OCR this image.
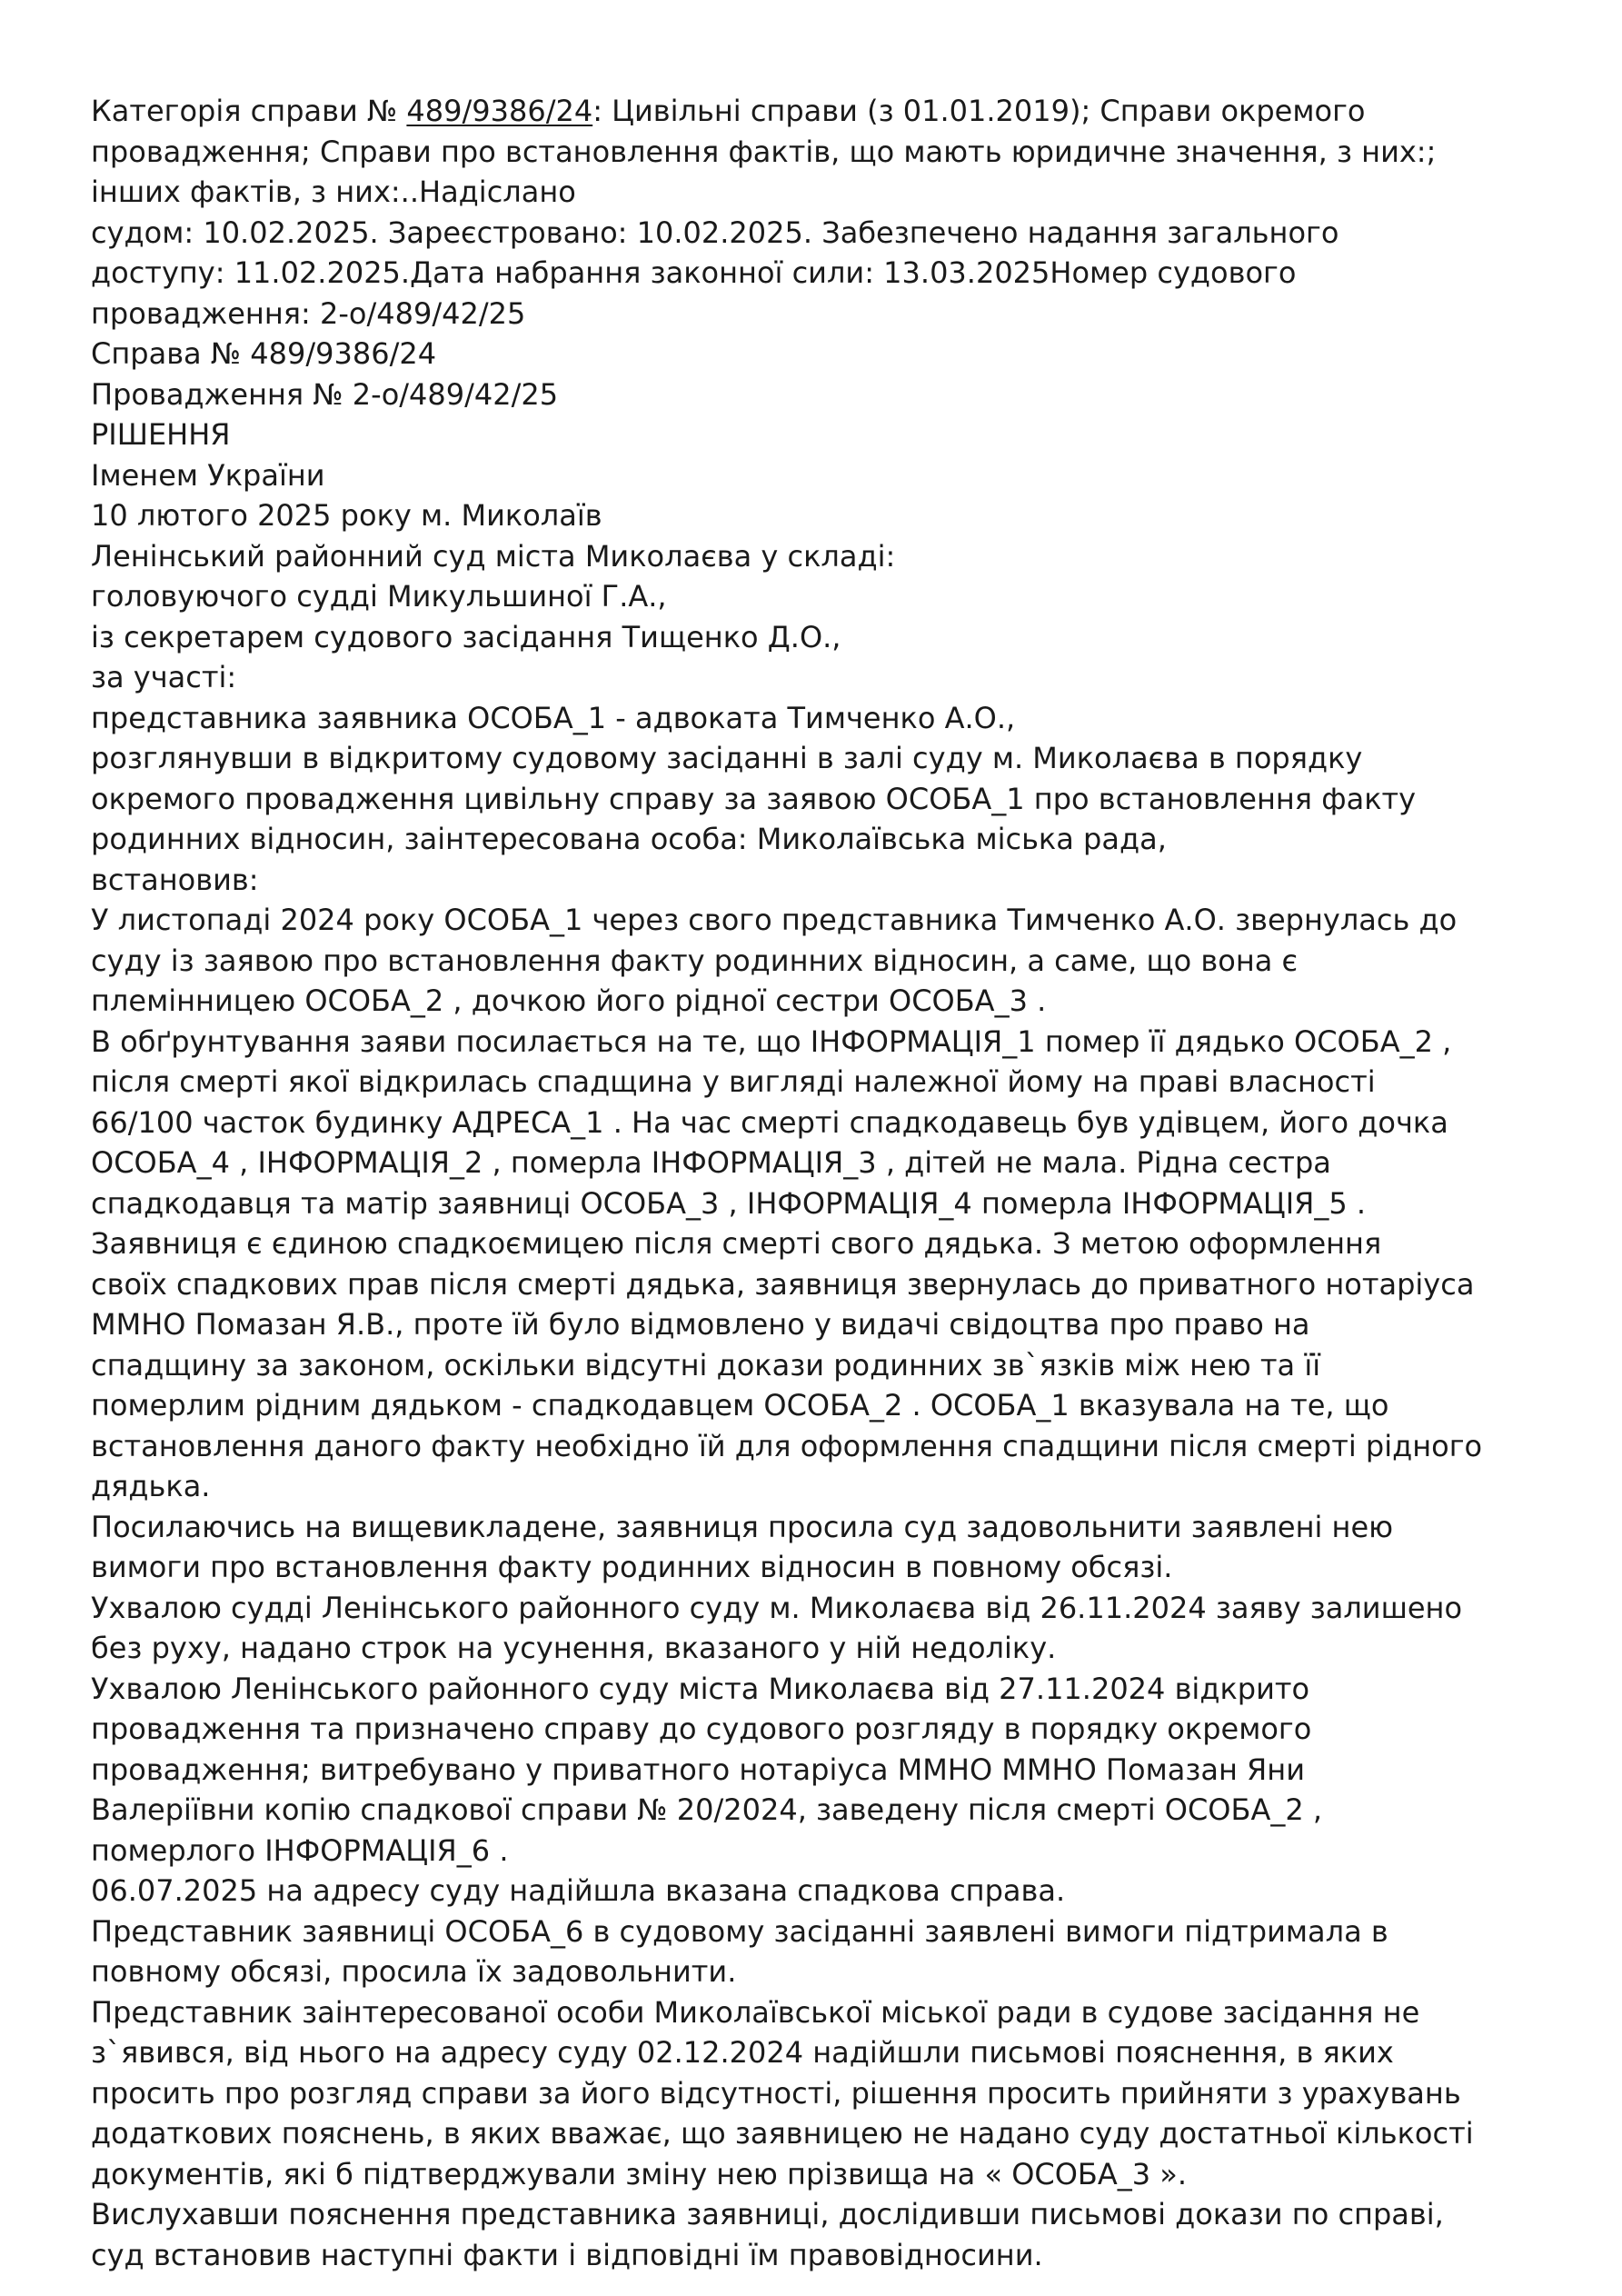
Категорія справи № 489/9386/24: Цивільні справи (з 01.01.2019); Справи окремого
провадження; Справи про встановлення фактів, що мають юридичне значення, з них:;
інших фактів, з них:..Надіслано
судом: 10.02.2025. Зареєстровано: 10.02.2025. Забезпечено надання загального
доступу: 11.02.2025.Дата набрання законної сили: 13.03.2025Номер судового
провадження: 2-о/489/42/25
Справа № 489/9386/24
Провадження № 2-о/489/42/25
РІШЕННЯ
Іменем України
10 лютого 2025 року м. Миколаїв
Ленінський районний суд міста Миколаєва у складі:
головуючого судді Микульшиної Г.А.,
із секретарем судового засідання Тищенко Д.О.,
за участі:
представника заявника ОСОБА_1 - адвоката Тимченко А.О.,
розглянувши в відкритому судовому засіданні в залі суду м. Миколаєва в порядку
окремого провадження цивільну справу за заявою ОСОБА_1 про встановлення факту
родинних відносин, заінтересована особа: Миколаївська міська рада,
встановив:
У листопаді 2024 року ОСОБА_1 через свого представника Тимченко А.О. звернулась до
суду із заявою про встановлення факту родинних відносин, а саме, що вона є
племінницею ОСОБА_2 , дочкою його рідної сестри ОСОБА_3 .
В обґрунтування заяви посилається на те, що ІНФОРМАЦІЯ_1 помер її дядько ОСОБА_2 ,
після смерті якої відкрилась спадщина у вигляді належної йому на праві власності
66/100 часток будинку АДРЕСА_1 . На час смерті спадкодавець був удівцем, його дочка
ОСОБА_4 , ІНФОРМАЦІЯ_2 , померла ІНФОРМАЦІЯ_3 , дітей не мала. Рідна сестра
спадкодавця та матір заявниці ОСОБА_3 , ІНФОРМАЦІЯ_4 померла ІНФОРМАЦІЯ_5 .
Заявниця є єдиною спадкоємицею після смерті свого дядька. З метою оформлення
своїх спадкових прав після смерті дядька, заявниця звернулась до приватного нотаріуса
ММНО Помазан Я.В., проте їй було відмовлено у видачі свідоцтва про право на
спадщину за законом, оскільки відсутні докази родинних зв`язків між нею та її
померлим рідним дядьком - спадкодавцем ОСОБА_2 . ОСОБА_1 вказувала на те, що
встановлення даного факту необхідно їй для оформлення спадщини після смерті рідного
дядька.
Посилаючись на вищевикладене, заявниця просила суд задовольнити заявлені нею
вимоги про встановлення факту родинних відносин в повному обсязі.
Ухвалою судді Ленінського районного суду м. Миколаєва від 26.11.2024 заяву залишено
без руху, надано строк на усунення, вказаного у ній недоліку.
Ухвалою Ленінського районного суду міста Миколаєва від 27.11.2024 відкрито
провадження та призначено справу до судового розгляду в порядку окремого
провадження; витребувано у приватного нотаріуса ММНО ММНО Помазан Яни
Валеріївни копію спадкової справи № 20/2024, заведену після смерті ОСОБА_2 ,
померлого ІНФОРМАЦІЯ_6 .
06.07.2025 на адресу суду надійшла вказана спадкова справа.
Представник заявниці ОСОБА_6 в судовому засіданні заявлені вимоги підтримала в
повному обсязі, просила їх задовольнити.
Представник заінтересованої особи Миколаївської міської ради в судове засідання не
з`явився, від нього на адресу суду 02.12.2024 надійшли письмові пояснення, в яких
просить про розгляд справи за його відсутності, рішення просить прийняти з урахувань
додаткових пояснень, в яких вважає, що заявницею не надано суду достатньої кількості
документів, які б підтверджували зміну нею прізвища на « ОСОБА_3 ».
Вислухавши пояснення представника заявниці, дослідивши письмові докази по справі,
суд встановив наступні факти і відповідні їм правовідносини.
